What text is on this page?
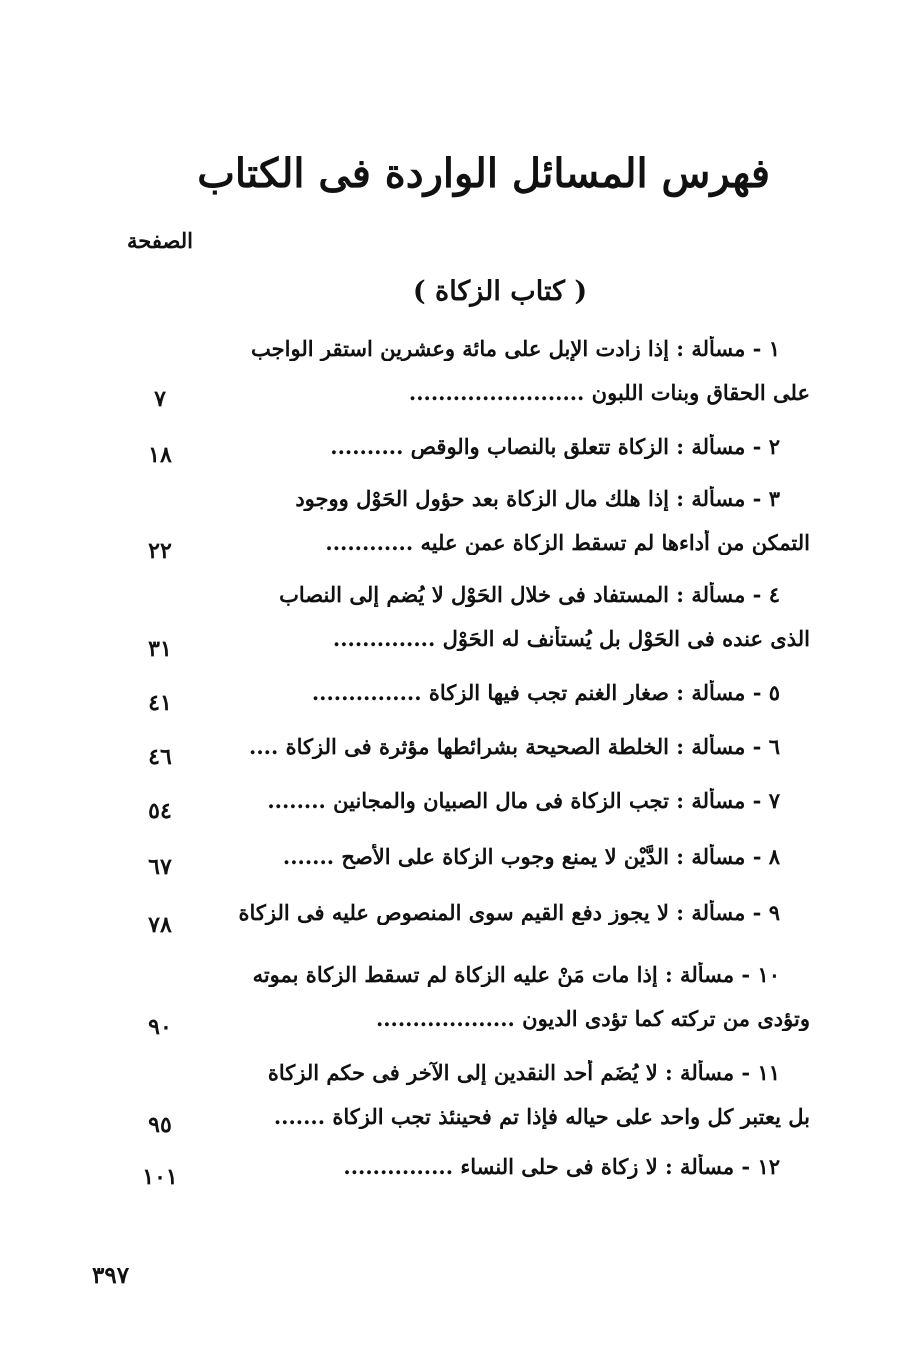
فهرس المسائل الواردة فى الكتاب
الصفحة
( كتاب الزكاة )
١ - مسألة : إذا زادت الإبل على مائة وعشرين استقر الواجب
على الحقاق وبنات اللبون ........................
٧
٢ - مسألة : الزكاة تتعلق بالنصاب والوقص ..........
١٨
٣ - مسألة : إذا هلك مال الزكاة بعد حؤول الحَوْل ووجود
التمكن من أداءها لم تسقط الزكاة عمن عليه ............
٢٢
٤ - مسألة : المستفاد فى خلال الحَوْل لا يُضم إلى النصاب
الذى عنده فى الحَوْل بل يُستأنف له الحَوْل ..............
٣١
٥ - مسألة : صغار الغنم تجب فيها الزكاة ...............
٤١
٦ - مسألة : الخلطة الصحيحة بشرائطها مؤثرة فى الزكاة ....
٤٦
٧ - مسألة : تجب الزكاة فى مال الصبيان والمجانين ........
٥٤
٨ - مسألة : الدَّيْن لا يمنع وجوب الزكاة على الأصح .......
٦٧
٩ - مسألة : لا يجوز دفع القيم سوى المنصوص عليه فى الزكاة
٧٨
١٠ - مسألة : إذا مات مَنْ عليه الزكاة لم تسقط الزكاة بموته
وتؤدى من تركته كما تؤدى الديون ...................
٩٠
١١ - مسألة : لا يُضَم أحد النقدين إلى الآخر فى حكم الزكاة
بل يعتبر كل واحد على حياله فإذا تم فحينئذ تجب الزكاة .......
٩٥
١٢ - مسألة : لا زكاة فى حلى النساء ...............
١٠١
٣٩٧
